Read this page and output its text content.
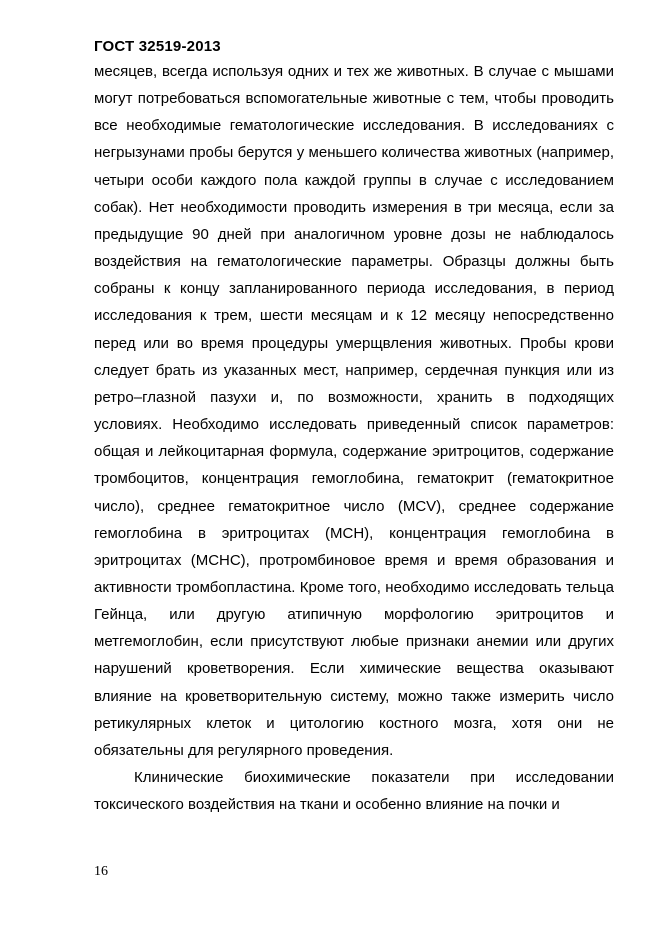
ГОСТ 32519-2013

месяцев, всегда используя одних и тех же животных. В случае с мышами могут потребоваться вспомогательные животные с тем, чтобы проводить все необходимые гематологические исследования. В исследованиях с негрызунами пробы берутся у меньшего количества животных (например, четыри особи каждого пола каждой группы в случае с исследованием собак). Нет необходимости проводить измерения в три месяца, если за предыдущие 90 дней при аналогичном уровне дозы не наблюдалось воздействия на гематологические параметры. Образцы должны быть собраны к концу запланированного периода исследования, в период исследования к трем, шести месяцам и к 12 месяцу непосредственно перед или во время процедуры умерщвления животных. Пробы крови следует брать из указанных мест, например, сердечная пункция или из ретро–глазной пазухи и, по возможности, хранить в подходящих условиях. Необходимо исследовать приведенный список параметров: общая и лейкоцитарная формула, содержание эритроцитов, содержание тромбоцитов, концентрация гемоглобина, гематокрит (гематокритное число), среднее гематокритное число (MCV), среднее содержание гемоглобина в эритроцитах (MCH), концентрация гемоглобина в эритроцитах (MCHC), протромбиновое время и время образования и активности тромбопластина. Кроме того, необходимо исследовать тельца Гейнца, или другую атипичную морфологию эритроцитов и метгемоглобин, если присутствуют любые признаки анемии или других нарушений кроветворения. Если химические вещества оказывают влияние на кроветворительную систему, можно также измерить число ретикулярных клеток и цитологию костного мозга, хотя они не обязательны для регулярного проведения.

Клинические биохимические показатели при исследовании токсического воздействия на ткани и особенно влияние на почки и

16
